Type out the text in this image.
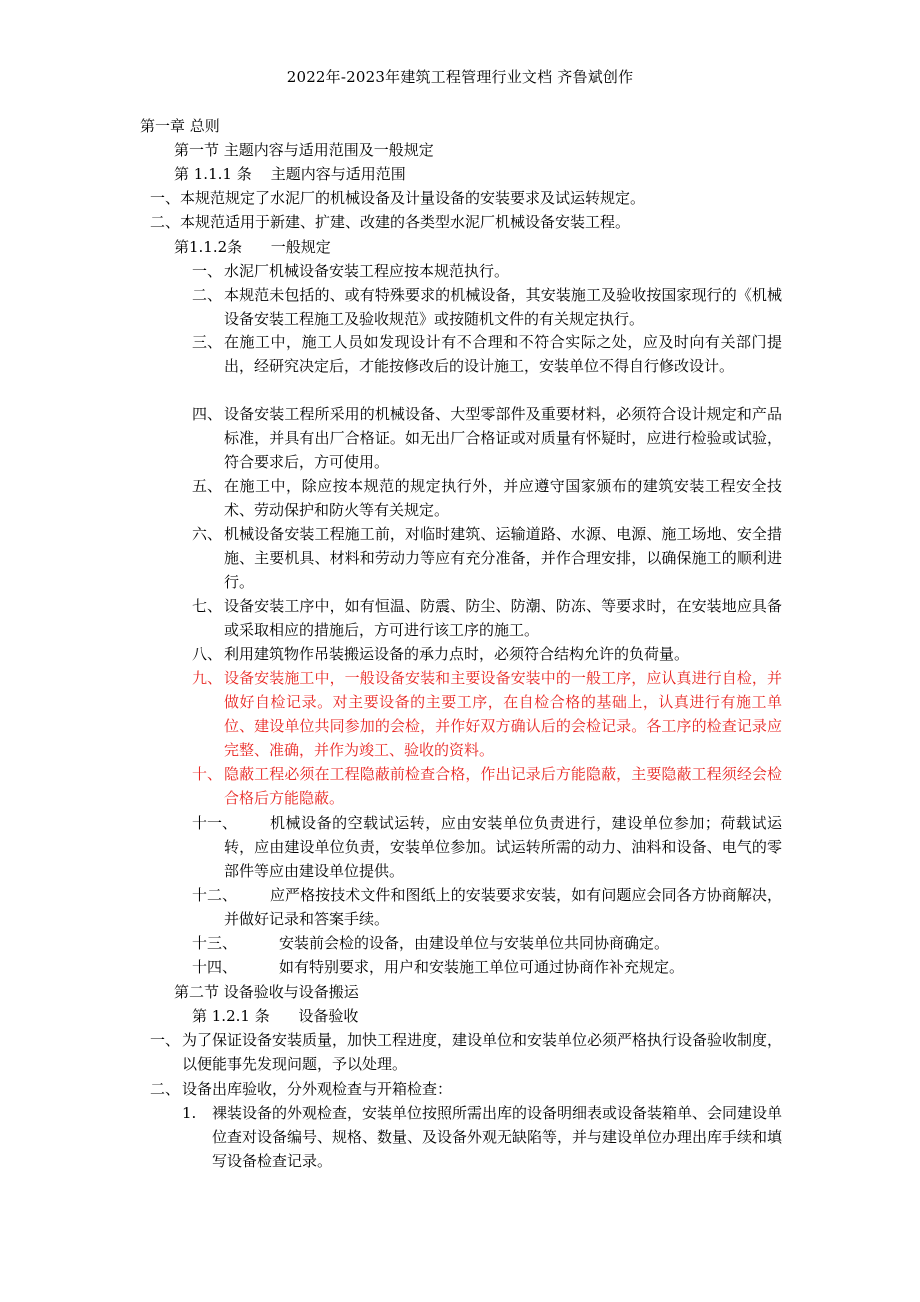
2022年-2023年建筑工程管理行业文档 齐鲁斌创作
第一章 总则
第一节 主题内容与适用范围及一般规定
第 1.1.1 条 主题内容与适用范围
一、本规范规定了水泥厂的机械设备及计量设备的安装要求及试运转规定。
二、本规范适用于新建、扩建、改建的各类型水泥厂机械设备安装工程。
第1.1.2条 一般规定
一、 水泥厂机械设备安装工程应按本规范执行。
二、 本规范未包括的、或有特殊要求的机械设备，其安装施工及验收按国家现行的《机械设备安装工程施工及验收规范》或按随机文件的有关规定执行。
三、 在施工中，施工人员如发现设计有不合理和不符合实际之处，应及时向有关部门提出，经研究决定后，才能按修改后的设计施工，安装单位不得自行修改设计。
四、 设备安装工程所采用的机械设备、大型零部件及重要材料，必须符合设计规定和产品标准，并具有出厂合格证。如无出厂合格证或对质量有怀疑时，应进行检验或试验，符合要求后，方可使用。
五、 在施工中，除应按本规范的规定执行外，并应遵守国家颁布的建筑安装工程安全技术、劳动保护和防火等有关规定。
六、 机械设备安装工程施工前，对临时建筑、运输道路、水源、电源、施工场地、安全措施、主要机具、材料和劳动力等应有充分准备，并作合理安排，以确保施工的顺利进行。
七、 设备安装工序中，如有恒温、防震、防尘、防潮、防冻、等要求时，在安装地应具备或采取相应的措施后，方可进行该工序的施工。
八、 利用建筑物作吊装搬运设备的承力点时，必须符合结构允许的负荷量。
九、 设备安装施工中，一般设备安装和主要设备安装中的一般工序，应认真进行自检，并做好自检记录。对主要设备的主要工序，在自检合格的基础上，认真进行有施工单位、建设单位共同参加的会检，并作好双方确认后的会检记录。各工序的检查记录应完整、准确，并作为竣工、验收的资料。
十、 隐蔽工程必须在工程隐蔽前检查合格，作出记录后方能隐蔽，主要隐蔽工程须经会检合格后方能隐蔽。
十一、	机械设备的空载试运转，应由安装单位负责进行，建设单位参加；荷载试运转，应由建设单位负责，安装单位参加。试运转所需的动力、油料和设备、电气的零部件等应由建设单位提供。
十二、	应严格按技术文件和图纸上的安装要求安装，如有问题应会同各方协商解决，并做好记录和答案手续。
十三、	安装前会检的设备，由建设单位与安装单位共同协商确定。
十四、	如有特别要求，用户和安装施工单位可通过协商作补充规定。
第二节 设备验收与设备搬运
第 1.2.1 条 设备验收
一、 为了保证设备安装质量，加快工程进度，建设单位和安装单位必须严格执行设备验收制度，以便能事先发现问题，予以处理。
二、 设备出库验收，分外观检查与开箱检查：
1. 裸装设备的外观检查，安装单位按照所需出库的设备明细表或设备装箱单、会同建设单位查对设备编号、规格、数量、及设备外观无缺陷等，并与建设单位办理出库手续和填写设备检查记录。
